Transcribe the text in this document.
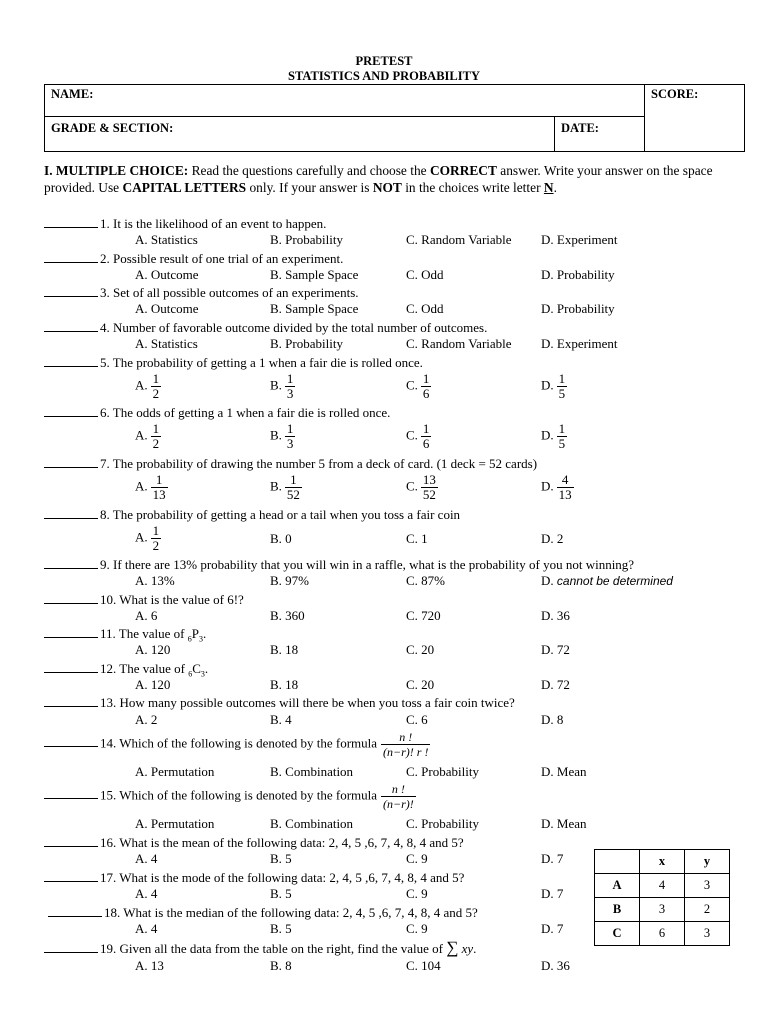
PRETEST
STATISTICS AND PROBABILITY
NAME:		SCORE:
GRADE & SECTION:	DATE:	
I. MULTIPLE CHOICE: Read the questions carefully and choose the CORRECT answer. Write your answer on the space provided. Use CAPITAL LETTERS only. If your answer is NOT in the choices write letter N.
1. It is the likelihood of an event to happen.
A. Statistics	B. Probability	C. Random Variable D. Experiment
2. Possible result of one trial of an experiment.
A. Outcome	B. Sample Space	C. Odd	D. Probability
3. Set of all possible outcomes of an experiments.
A. Outcome	B. Sample Space	C. Odd	D. Probability
4. Number of favorable outcome divided by the total number of outcomes.
A. Statistics	B. Probability	C. Random Variable D. Experiment
5. The probability of getting a 1 when a fair die is rolled once.
A. $\frac{1}{2}$	B. $\frac{1}{3}$	C. $\frac{1}{6}$	D. $\frac{1}{5}$
6. The odds of getting a 1 when a fair die is rolled once.
A. $\frac{1}{2}$	B. $\frac{1}{3}$	C. $\frac{1}{6}$	D. $\frac{1}{5}$
7. The probability of drawing the number 5 from a deck of card. (1 deck = 52 cards)
A. $\frac{1}{13}$	B. $\frac{1}{52}$	C. $\frac{13}{52}$	D. $\frac{4}{13}$
8. The probability of getting a head or a tail when you toss a fair coin
A. $\frac{1}{2}$	B. 0	C. 1	D. 2
9. If there are 13% probability that you will win in a raffle, what is the probability of you not winning?
A. 13%	B. 97%	C. 87%	D. cannot be determined
10. What is the value of 6!?
A. 6	B. 360	C. 720	D. 36
11. The value of $_6P_3$.
A. 120	B. 18	C. 20	D. 72
12. The value of $_6C_3$.
A. 120	B. 18	C. 20	D. 72
13. How many possible outcomes will there be when you toss a fair coin twice?
A. 2	B. 4	C. 6	D. 8
14. Which of the following is denoted by the formula $\frac{n !}{(n-r)! r !}$
A. Permutation	B. Combination	C. Probability	D. Mean
15. Which of the following is denoted by the formula $\frac{n !}{(n-r)!}$
A. Permutation	B. Combination	C. Probability	D. Mean
16. What is the mean of the following data: 2, 4, 5 ,6, 7, 4, 8, 4 and 5?
A. 4	B. 5	C. 9	D. 7
17. What is the mode of the following data: 2, 4, 5 ,6, 7, 4, 8, 4 and 5?
A. 4	B. 5	C. 9	D. 7
18. What is the median of the following data: 2, 4, 5 ,6, 7, 4, 8, 4 and 5?
A. 4	B. 5	C. 9	D. 7
19. Given all the data from the table on the right, find the value of ∑ xy.
A. 13	B. 8	C. 104	D. 36
	x	y
A	4	3
B	3	2
C	6	3
